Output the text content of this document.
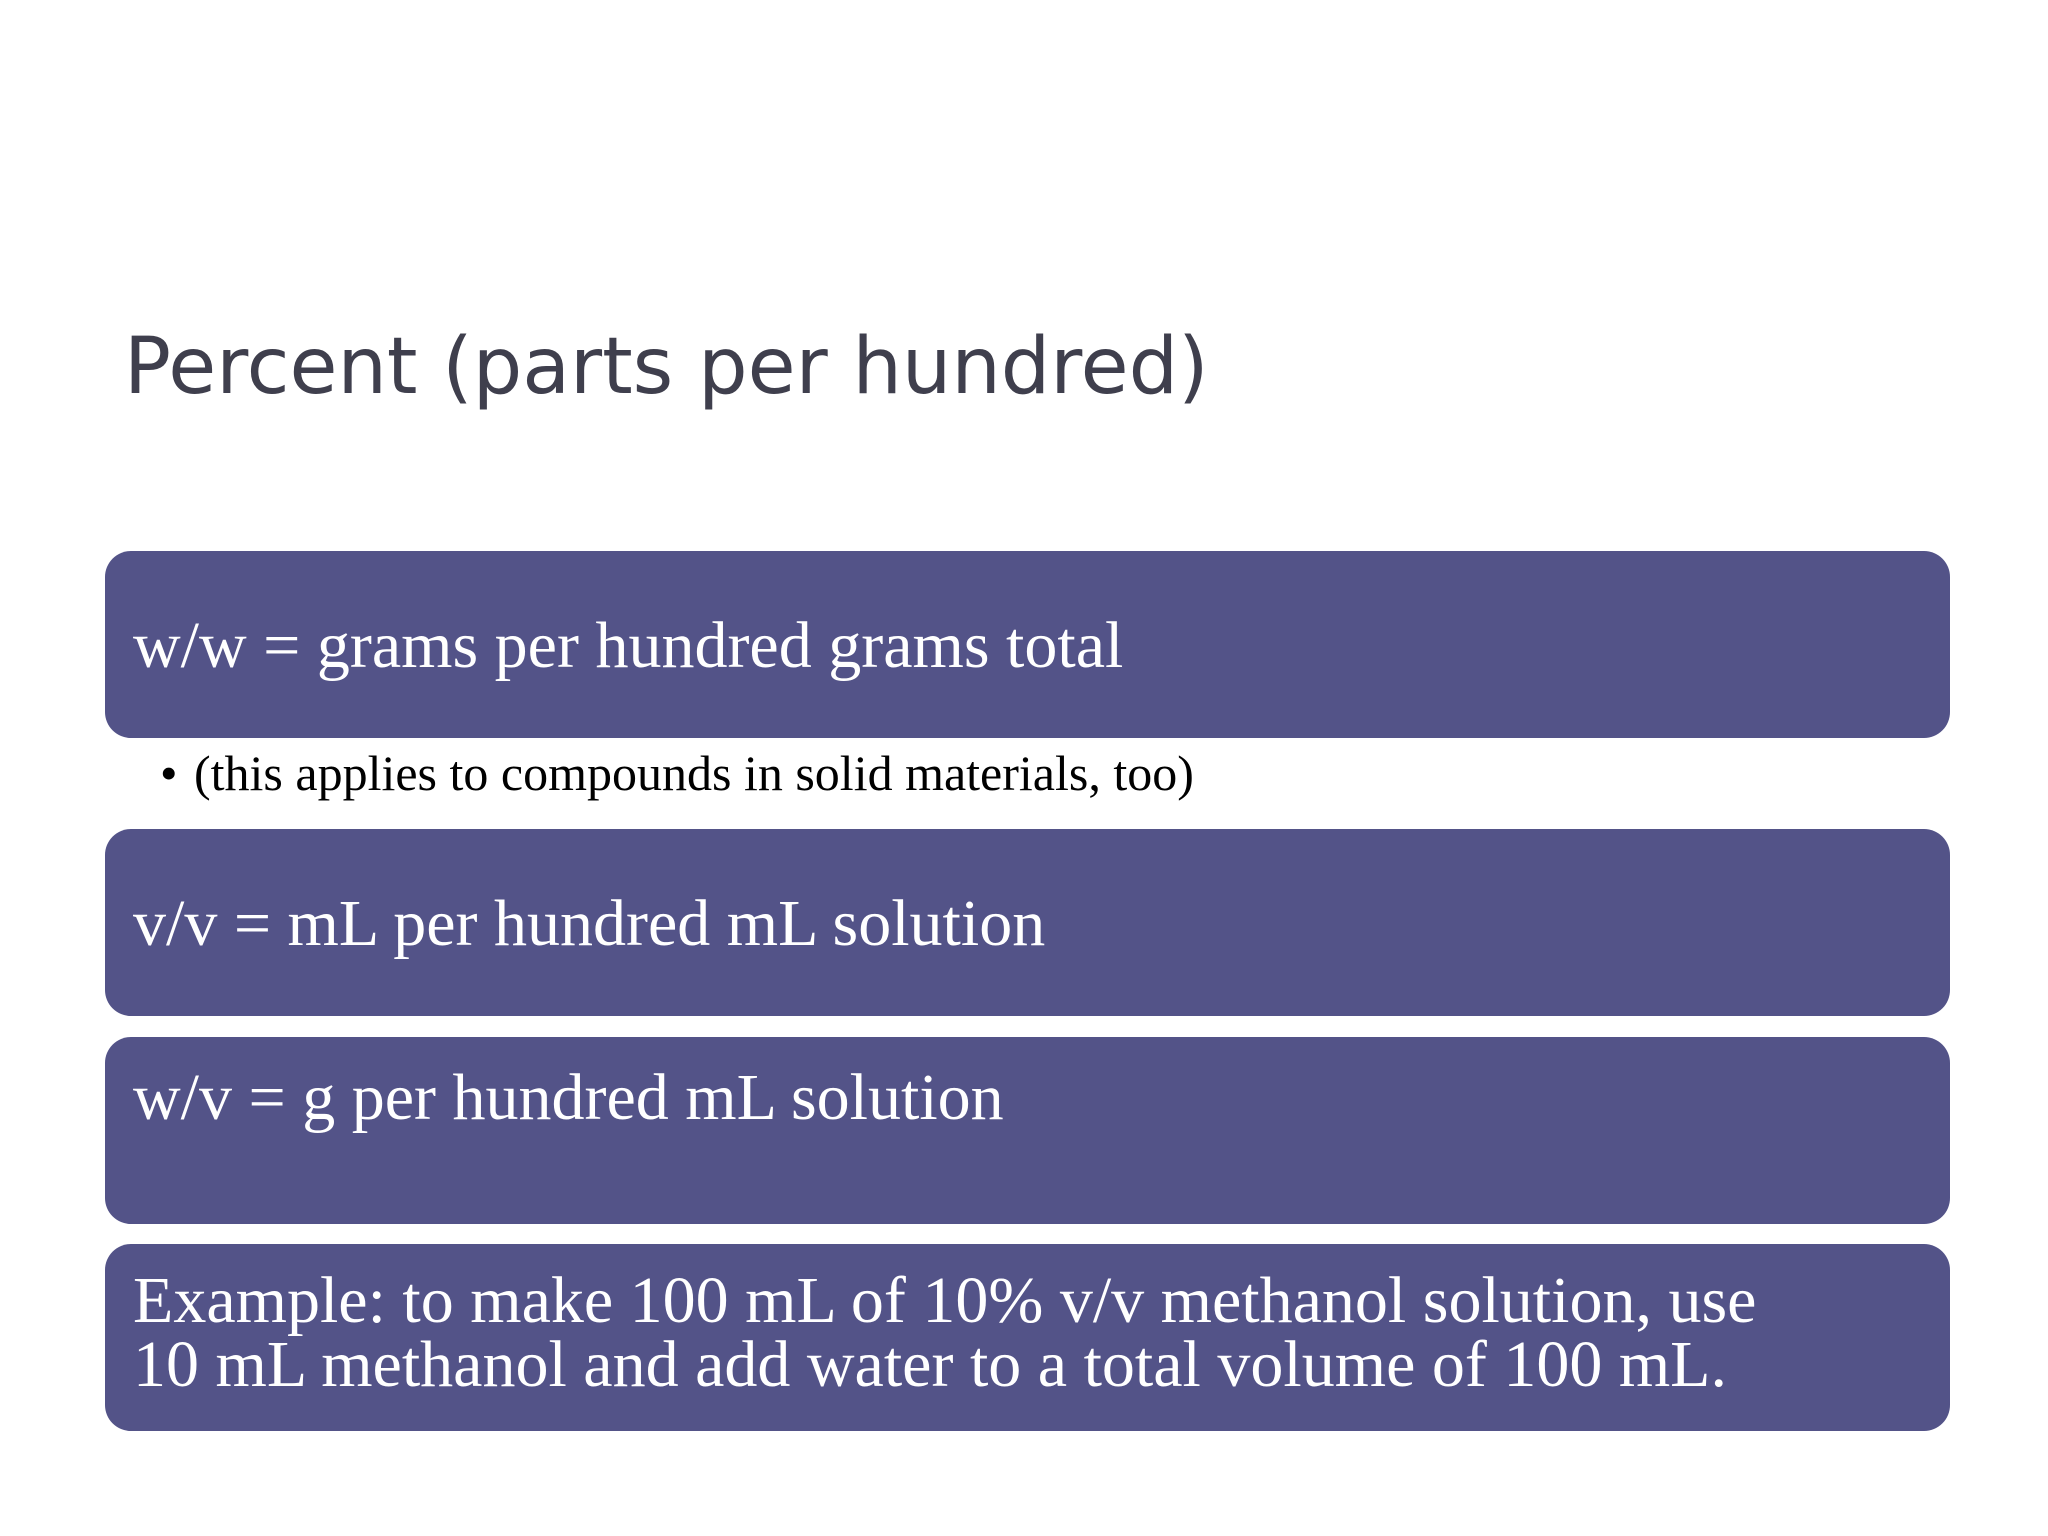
Percent (parts per hundred)
w/w = grams per hundred grams total
• (this applies to compounds in solid materials, too)
v/v = mL per hundred mL solution
w/v = g per hundred mL solution
Example: to make 100 mL of 10% v/v methanol solution, use
10 mL methanol and add water to a total volume of 100 mL.
